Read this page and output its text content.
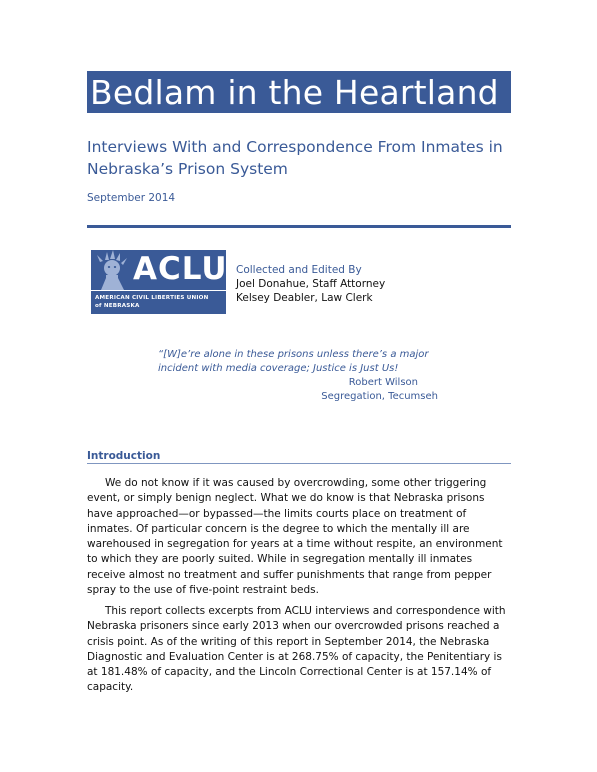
Bedlam in the Heartland
Interviews With and Correspondence From Inmates in Nebraska’s Prison System
September 2014
ACLU
AMERICAN CIVIL LIBERTIES UNION
of NEBRASKA
Collected and Edited By
Joel Donahue, Staff Attorney
Kelsey Deabler, Law Clerk
“[W]e’re alone in these prisons unless there’s a major incident with media coverage; Justice is Just Us!
Robert Wilson
Segregation, Tecumseh
Introduction
We do not know if it was caused by overcrowding, some other triggering event, or simply benign neglect. What we do know is that Nebraska prisons have approached—or bypassed—the limits courts place on treatment of inmates. Of particular concern is the degree to which the mentally ill are warehoused in segregation for years at a time without respite, an environment to which they are poorly suited. While in segregation mentally ill inmates receive almost no treatment and suffer punishments that range from pepper spray to the use of five-point restraint beds.
This report collects excerpts from ACLU interviews and correspondence with Nebraska prisoners since early 2013 when our overcrowded prisons reached a crisis point. As of the writing of this report in September 2014, the Nebraska Diagnostic and Evaluation Center is at 268.75% of capacity, the Penitentiary is at 181.48% of capacity, and the Lincoln Correctional Center is at 157.14% of capacity.
